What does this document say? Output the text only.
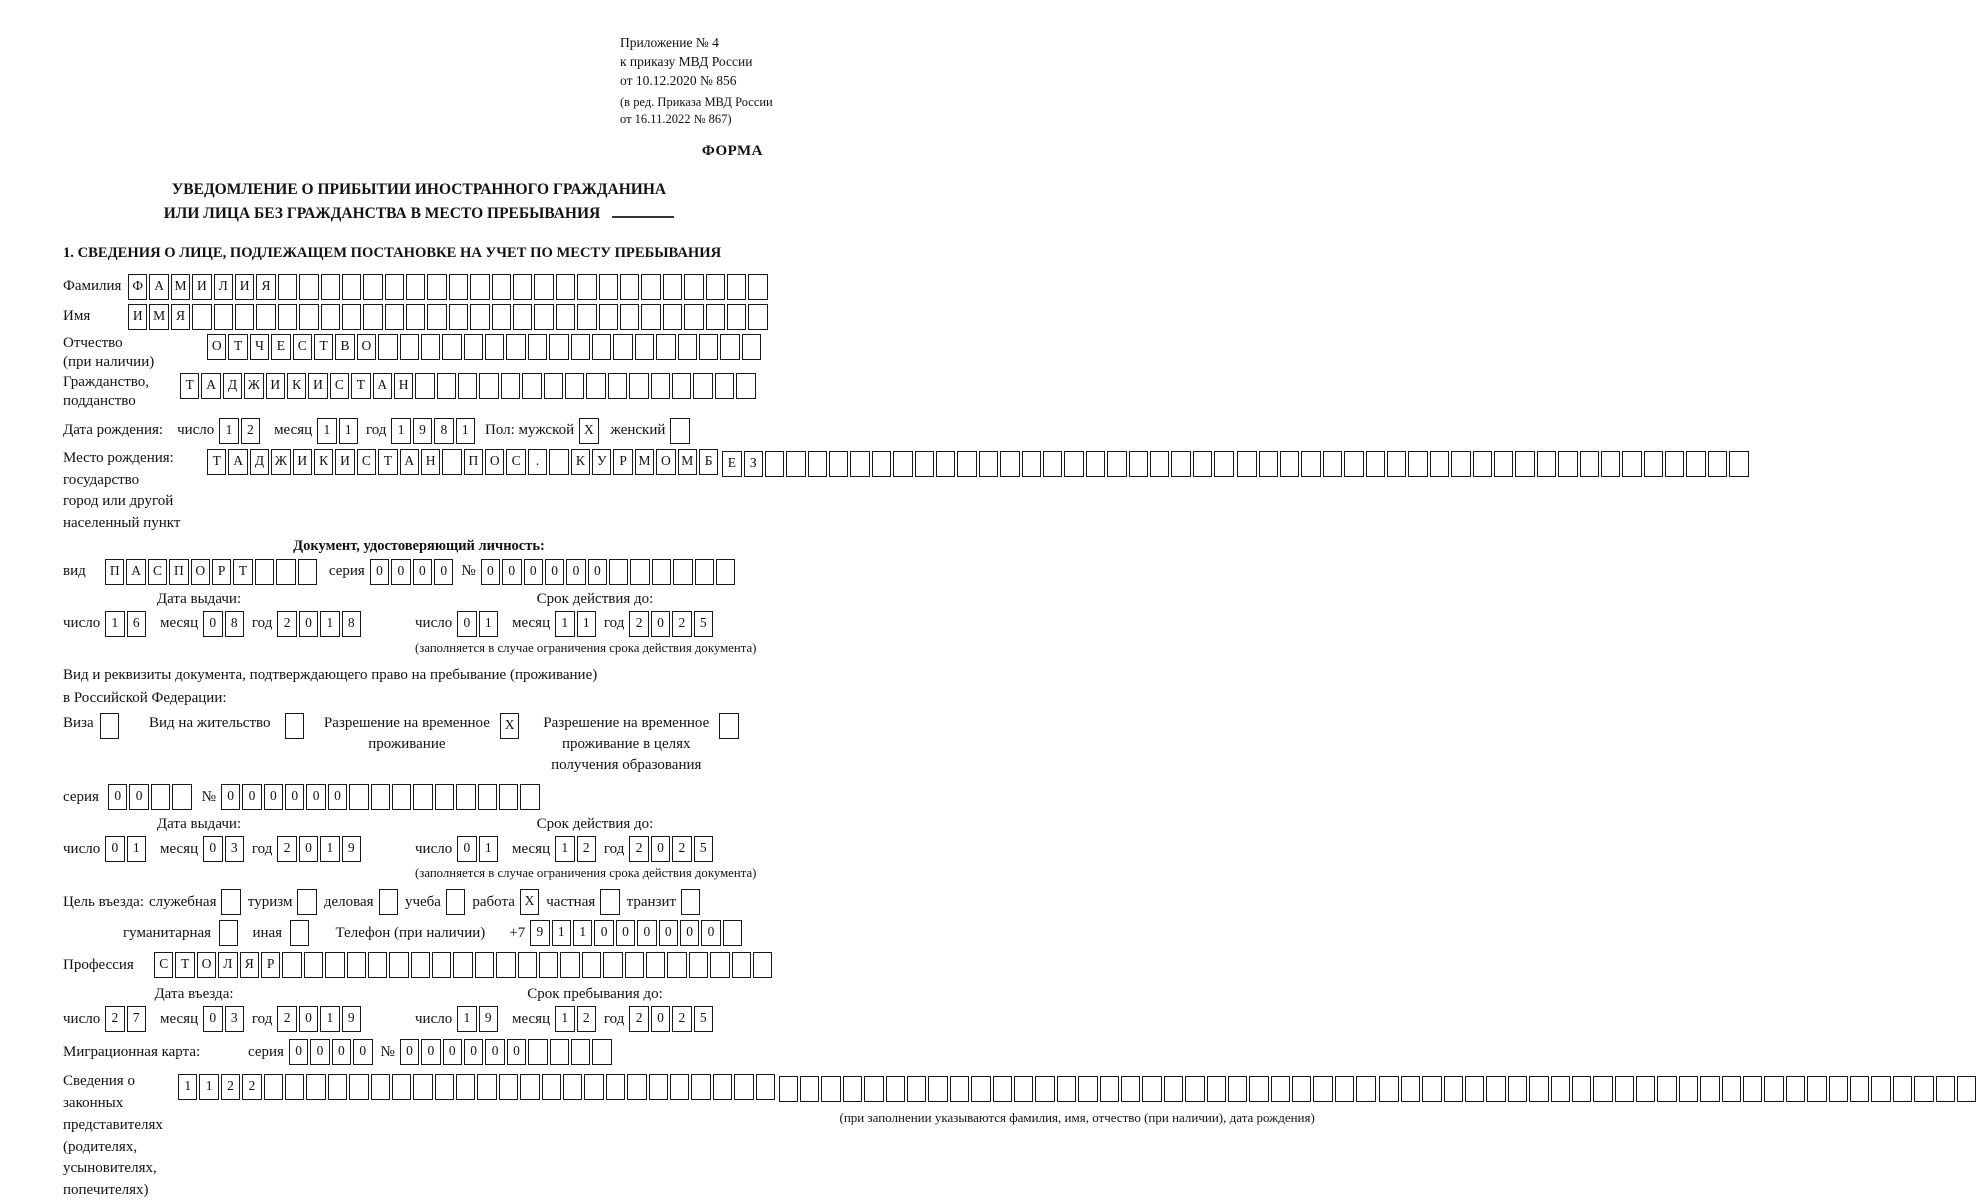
Приложение № 4
к приказу МВД России
от 10.12.2020 № 856
(в ред. Приказа МВД России
от 16.11.2022 № 867)
ФОРМА
УВЕДОМЛЕНИЕ О ПРИБЫТИИ ИНОСТРАННОГО ГРАЖДАНИНА
ИЛИ ЛИЦА БЕЗ ГРАЖДАНСТВА В МЕСТО ПРЕБЫВАНИЯ
1. СВЕДЕНИЯ О ЛИЦЕ, ПОДЛЕЖАЩЕМ ПОСТАНОВКЕ НА УЧЕТ ПО МЕСТУ ПРЕБЫВАНИЯ
Фамилия Ф А М И Л И Я
Имя	И М Я
Отчество
(при наличии)
О Т Ч Е С Т В О
Гражданство,
подданство
Т А Д Ж И К И С Т А Н
Дата рождения: число 1	2	месяц 1	1 год 1	9	8	1	Пол: мужской X	женский
Место рождения:
государство
город или другой
населенный пункт
Т А Д Ж И К И С Т А Н	П О С	.	К У Р М О М Б
	Е	З

Документ, удостоверяющий личность:
вид	П А С П О Р	Т	серия 0	0	0	0 № 0	0	0	0	0	0
Дата выдачи:
число 1	6	месяц 0	8 год 2	0	1	8
Срок действия до:
число 0	1	месяц 1	1 год 2	0	2	5
(заполняется в случае ограничения срока действия документа)
Вид и реквизиты документа, подтверждающего право на пребывание (проживание)
в Российской Федерации:
Виза	Вид на жительство	Разрешение на временное
проживание
X	Разрешение на временное
проживание в целях
получения образования
серия	0	0	№ 0	0	0	0	0	0
Дата выдачи:
число 0	1	месяц 0	3 год 2	0	1	9
Срок действия до:
число 0	1	месяц 1	2 год 2	0	2	5
(заполняется в случае ограничения срока действия документа)
Цель въезда: служебная туризм деловая учеба работа X частная транзит
гуманитарная	иная	Телефон (при наличии) +7 9	1	1	0	0	0	0	0	0
Профессия	С Т О Л Я Р
Дата въезда:
число 2	7	месяц 0	3 год 2	0	1	9
Срок пребывания до:
число 1	9	месяц 1	2 год 2	0	2	5
Миграционная карта:	серия 0	0	0	0 № 0	0	0	0	0	0
Сведения о
законных
представителях
(родителях,
усыновителях,
попечителях)
1	1	2	2

(при заполнении указываются фамилия, имя, отчество (при наличии), дата рождения)
